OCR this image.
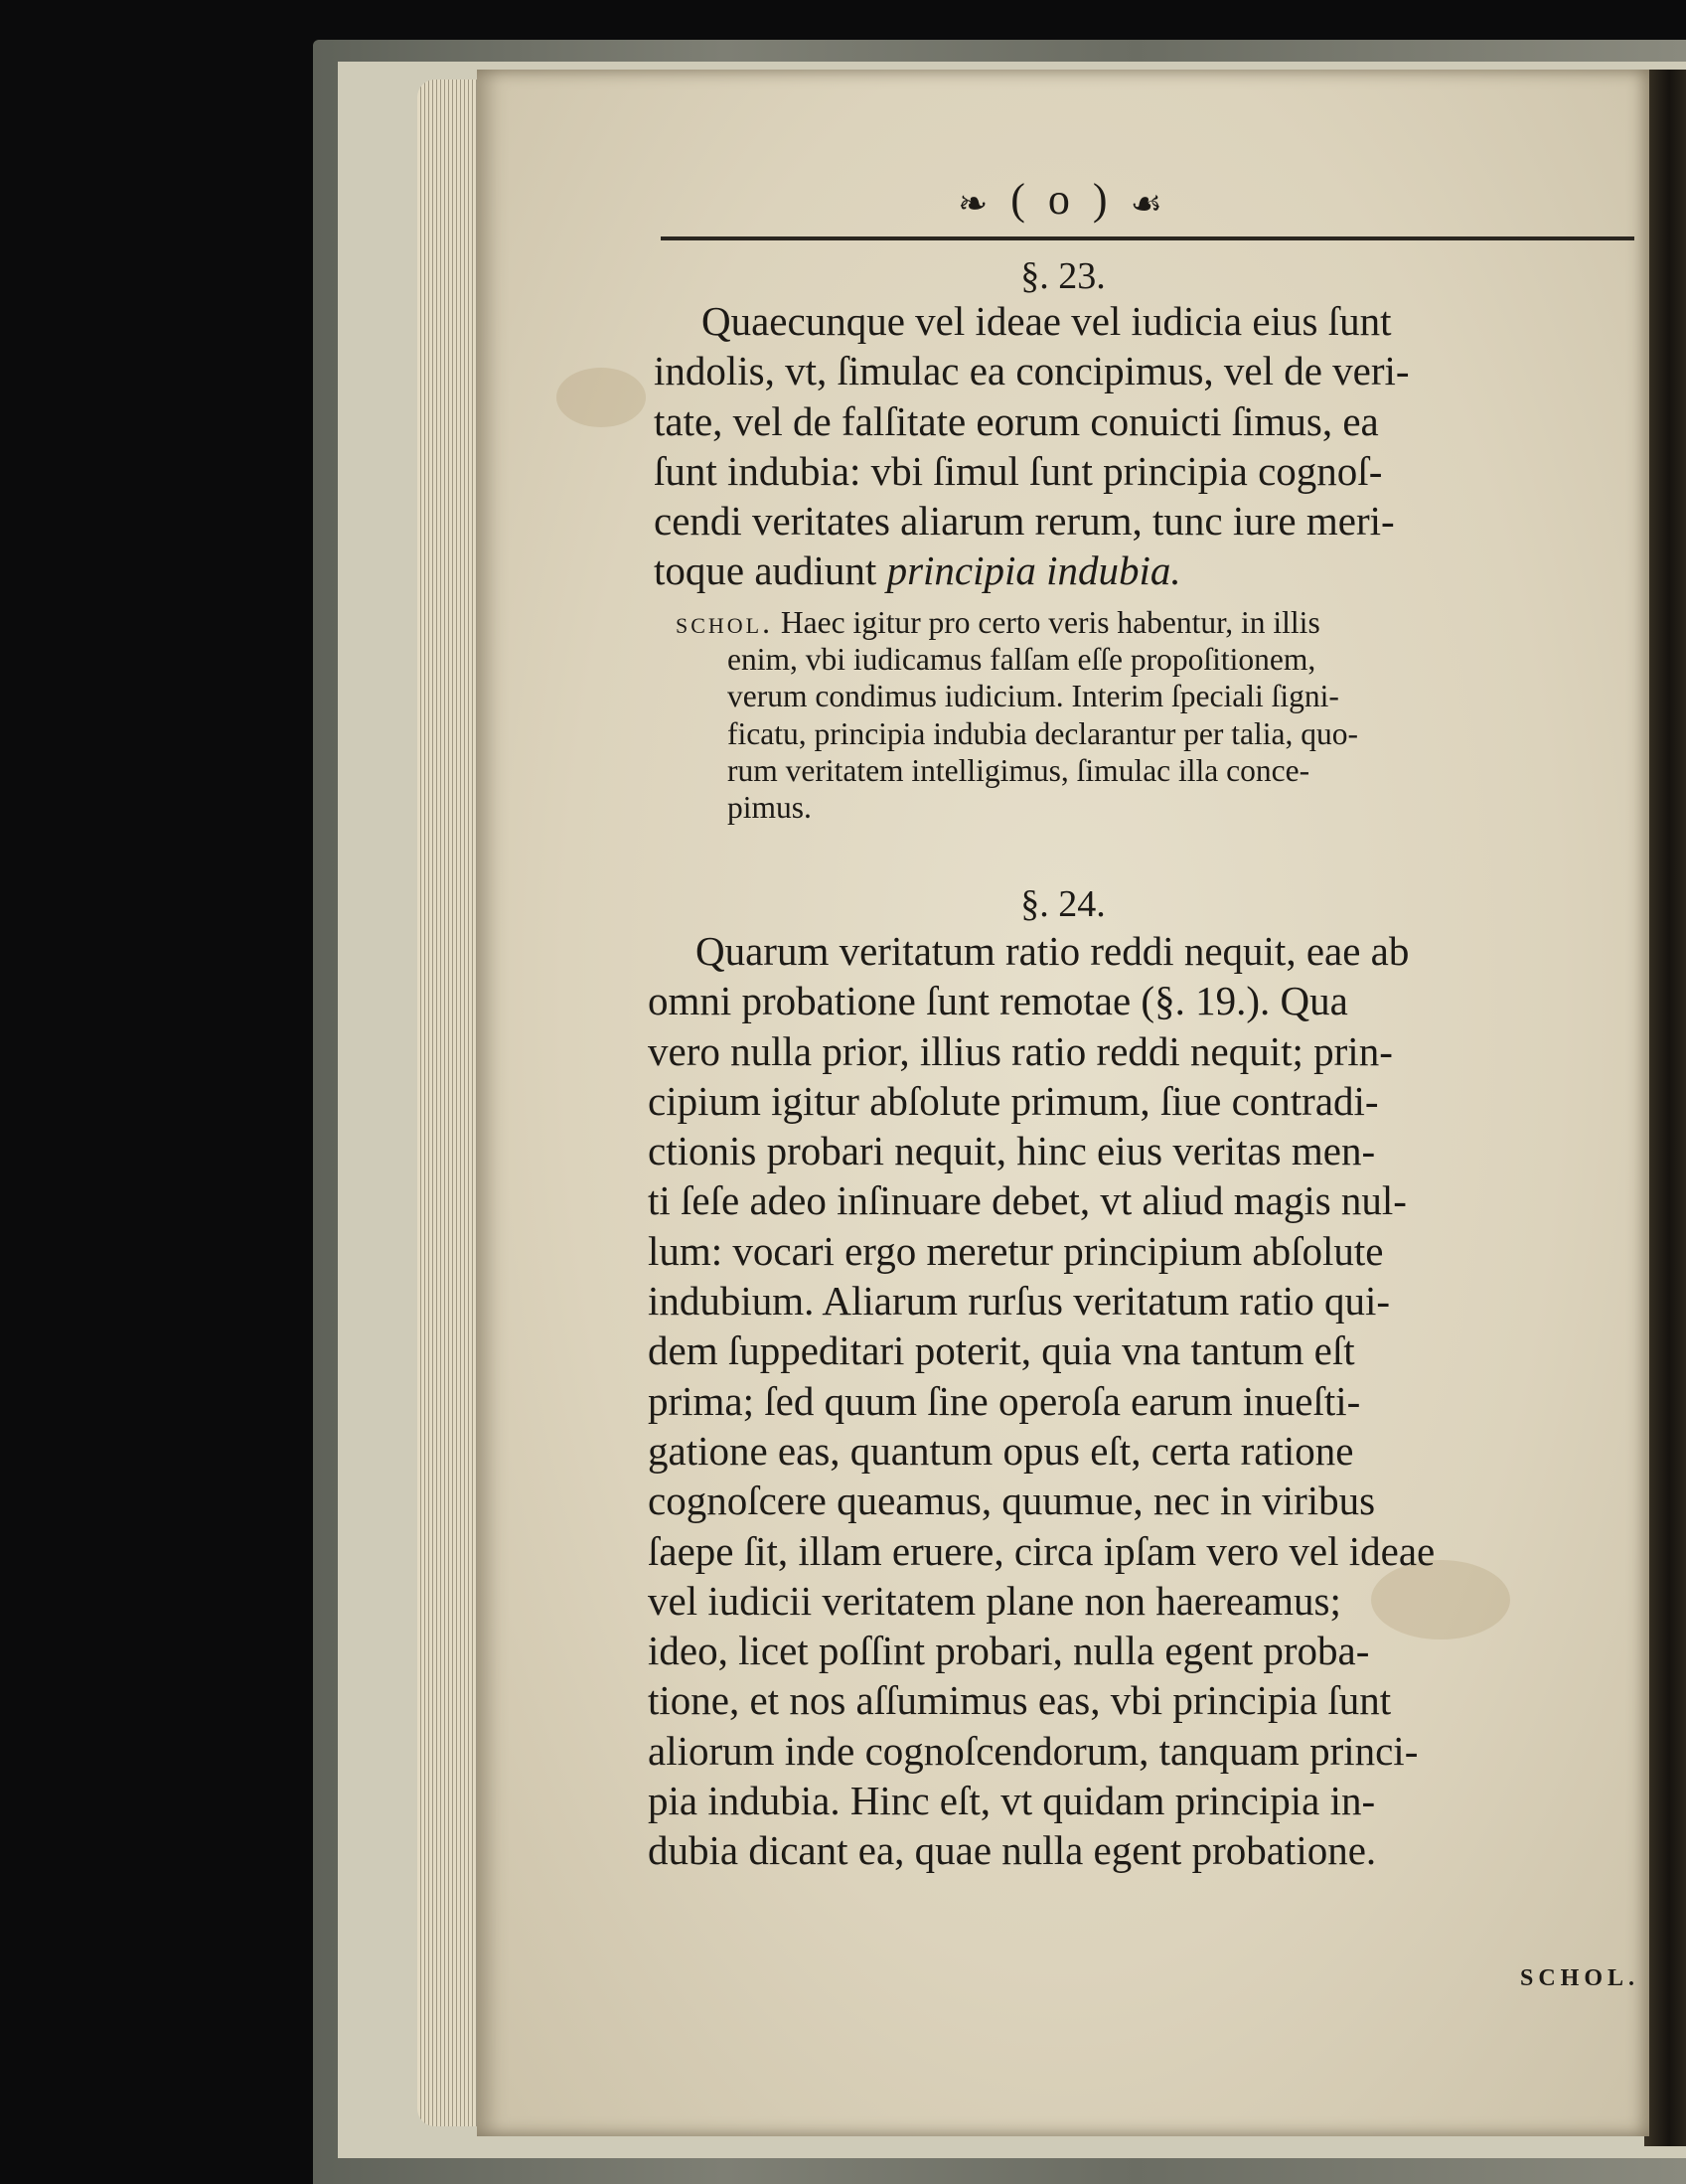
❧ ( o ) ☙
§. 23.

Quaecunque vel ideae vel iudicia eius ſunt

indolis, vt, ſimulac ea concipimus, vel de veri-

tate, vel de falſitate eorum conuicti ſimus, ea

ſunt indubia: vbi ſimul ſunt principia cognoſ-

cendi veritates aliarum rerum, tunc iure meri-

toque audiunt principia indubia.

schol. Haec igitur pro certo veris habentur, in illis
enim, vbi iudicamus falſam eſſe propoſitionem,
verum condimus iudicium. Interim ſpeciali ſigni-
ficatu, principia indubia declarantur per talia, quo-
rum veritatem intelligimus, ſimulac illa conce-
pimus.
§. 24.

Quarum veritatum ratio reddi nequit, eae ab

omni probatione ſunt remotae (§. 19.). Qua

vero nulla prior, illius ratio reddi nequit; prin-

cipium igitur abſolute primum, ſiue contradi-

ctionis probari nequit, hinc eius veritas men-

ti ſeſe adeo inſinuare debet, vt aliud magis nul-

lum: vocari ergo meretur principium abſolute

indubium. Aliarum rurſus veritatum ratio qui-

dem ſuppeditari poterit, quia vna tantum eſt

prima; ſed quum ſine operoſa earum inueſti-

gatione eas, quantum opus eſt, certa ratione

cognoſcere queamus, quumue, nec in viribus

ſaepe ſit, illam eruere, circa ipſam vero vel ideae

vel iudicii veritatem plane non haereamus;

ideo, licet poſſint probari, nulla egent proba-

tione, et nos aſſumimus eas, vbi principia ſunt

aliorum inde cognoſcendorum, tanquam princi-

pia indubia. Hinc eſt, vt quidam principia in-

dubia dicant ea, quae nulla egent probatione.

SCHOL.
